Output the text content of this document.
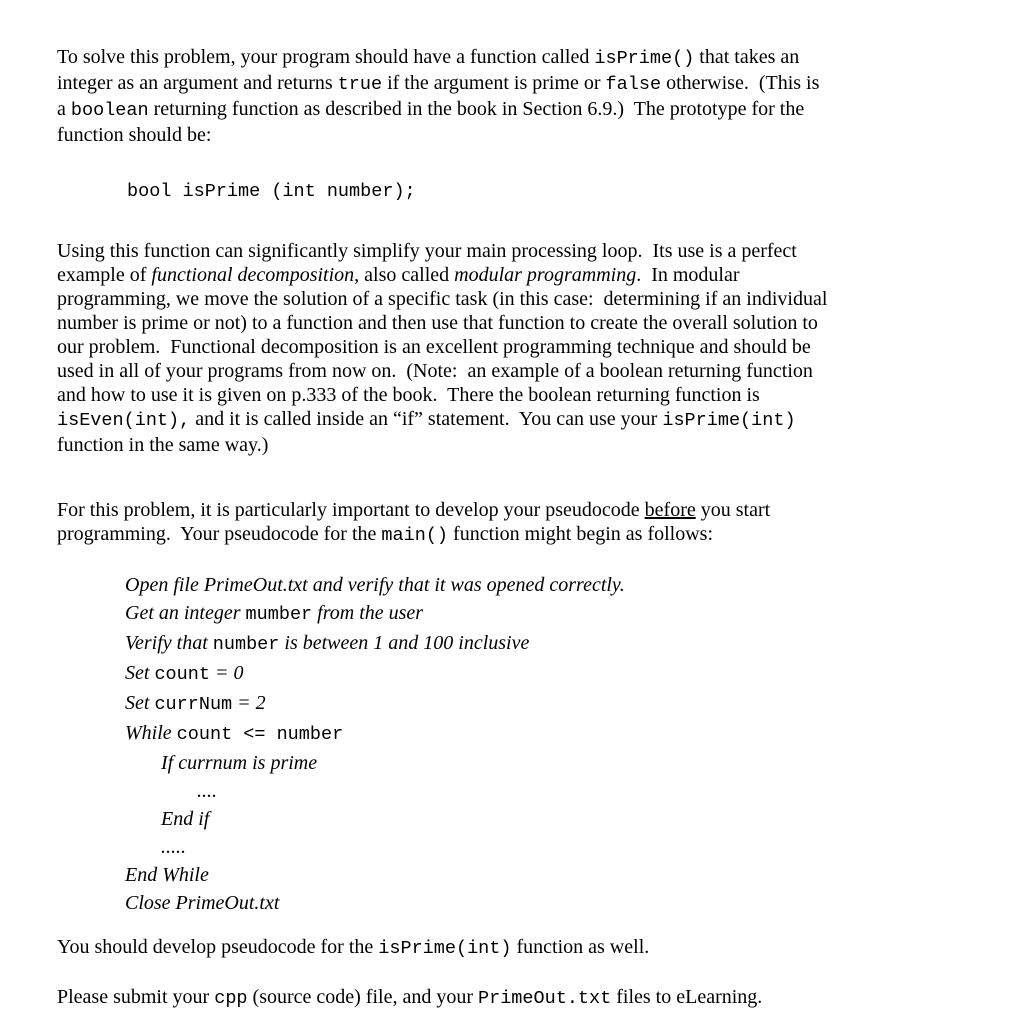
To solve this problem, your program should have a function called isPrime() that takes an
integer as an argument and returns true if the argument is prime or false otherwise.  (This is
a boolean returning function as described in the book in Section 6.9.)  The prototype for the
function should be:
bool isPrime (int number);
Using this function can significantly simplify your main processing loop.  Its use is a perfect
example of functional decomposition, also called modular programming.  In modular
programming, we move the solution of a specific task (in this case:  determining if an individual
number is prime or not) to a function and then use that function to create the overall solution to
our problem.  Functional decomposition is an excellent programming technique and should be
used in all of your programs from now on.  (Note:  an example of a boolean returning function
and how to use it is given on p.333 of the book.  There the boolean returning function is
isEven(int), and it is called inside an “if” statement.  You can use your isPrime(int)
function in the same way.)
For this problem, it is particularly important to develop your pseudocode before you start
programming.  Your pseudocode for the main() function might begin as follows:
Open file PrimeOut.txt and verify that it was opened correctly.
Get an integer mumber from the user
Verify that number is between 1 and 100 inclusive
Set count = 0
Set currNum = 2
While count <= number
If currnum is prime
....
End if
.....
End While
Close PrimeOut.txt
You should develop pseudocode for the isPrime(int) function as well.
Please submit your cpp (source code) file, and your PrimeOut.txt files to eLearning.
